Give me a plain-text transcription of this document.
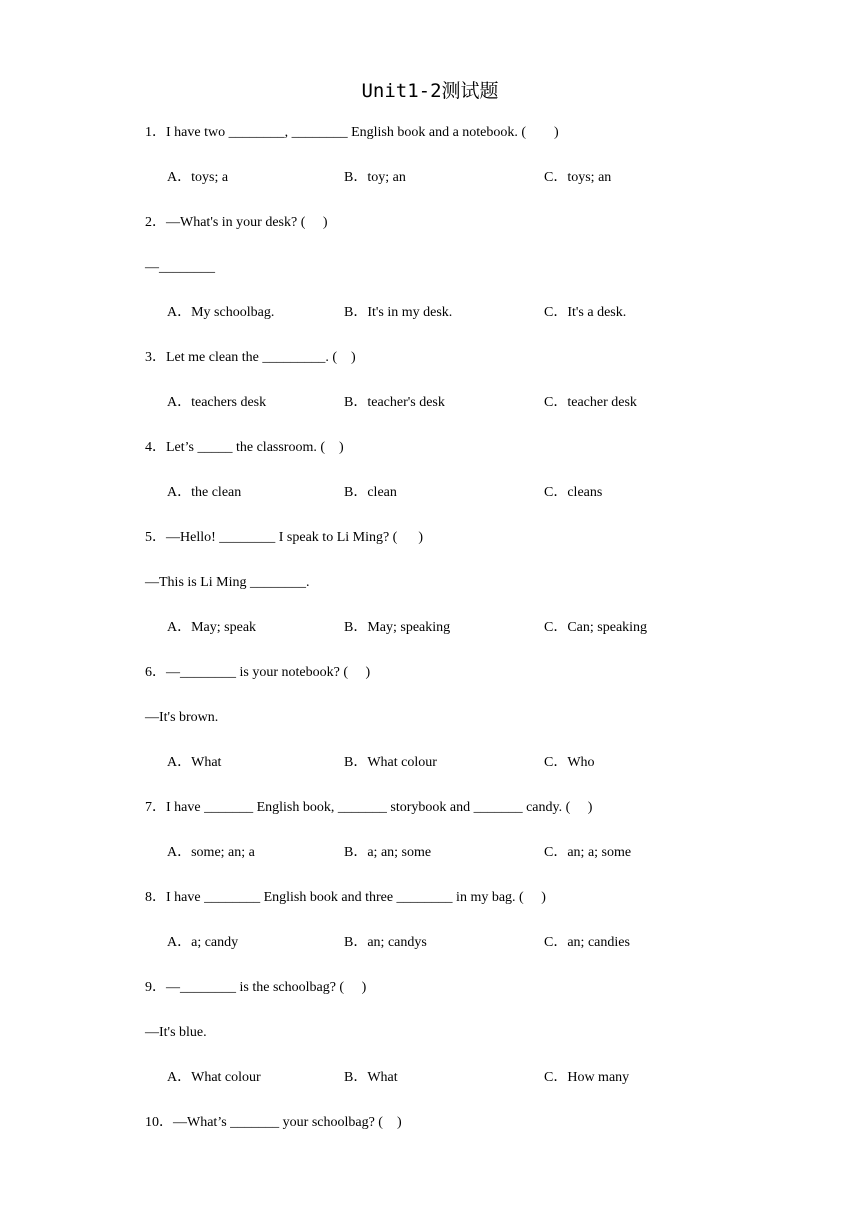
Unit1-2测试题
1．I have two ________, ________ English book and a notebook. (        )
A．toys; a	B．toy; an	C．toys; an
2．—What's in your desk? (     )
—________
A．My schoolbag.	B．It's in my desk.	C．It's a desk.
3．Let me clean the _________. (    )
A．teachers desk	B．teacher's desk	C．teacher desk
4．Let’s _____ the classroom. (    )
A．the clean	B．clean	C．cleans
5．—Hello! ________ I speak to Li Ming? (      )
—This is Li Ming ________.
A．May; speak	B．May; speaking	C．Can; speaking
6．—________ is your notebook? (     )
—It's brown.
A．What	B．What colour	C．Who
7．I have _______ English book, _______ storybook and _______ candy. (     )
A．some; an; a	B．a; an; some	C．an; a; some
8．I have ________ English book and three ________ in my bag. (     )
A．a; candy	B．an; candys	C．an; candies
9．—________ is the schoolbag? (     )
—It's blue.
A．What colour	B．What	C．How many
10．—What’s _______ your schoolbag? (    )
